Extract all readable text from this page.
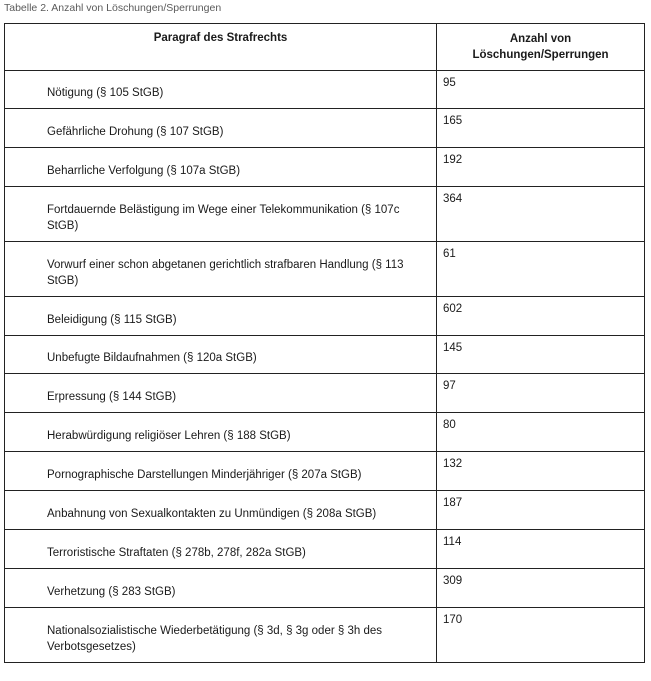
Tabelle 2. Anzahl von Löschungen/Sperrungen
Paragraf des Strafrechts	Anzahl von
Löschungen/Sperrungen
Nötigung (§ 105 StGB)	95
Gefährliche Drohung (§ 107 StGB)	165
Beharrliche Verfolgung (§ 107a StGB)	192
Fortdauernde Belästigung im Wege einer Telekommunikation (§ 107c StGB)	364
Vorwurf einer schon abgetanen gerichtlich strafbaren Handlung (§ 113 StGB)	61
Beleidigung (§ 115 StGB)	602
Unbefugte Bildaufnahmen (§ 120a StGB)	145
Erpressung (§ 144 StGB)	97
Herabwürdigung religiöser Lehren (§ 188 StGB)	80
Pornographische Darstellungen Minderjähriger (§ 207a StGB)	132
Anbahnung von Sexualkontakten zu Unmündigen (§ 208a StGB)	187
Terroristische Straftaten (§ 278b, 278f, 282a StGB)	114
Verhetzung (§ 283 StGB)	309
Nationalsozialistische Wiederbetätigung (§ 3d, § 3g oder § 3h des Verbotsgesetzes)	170
